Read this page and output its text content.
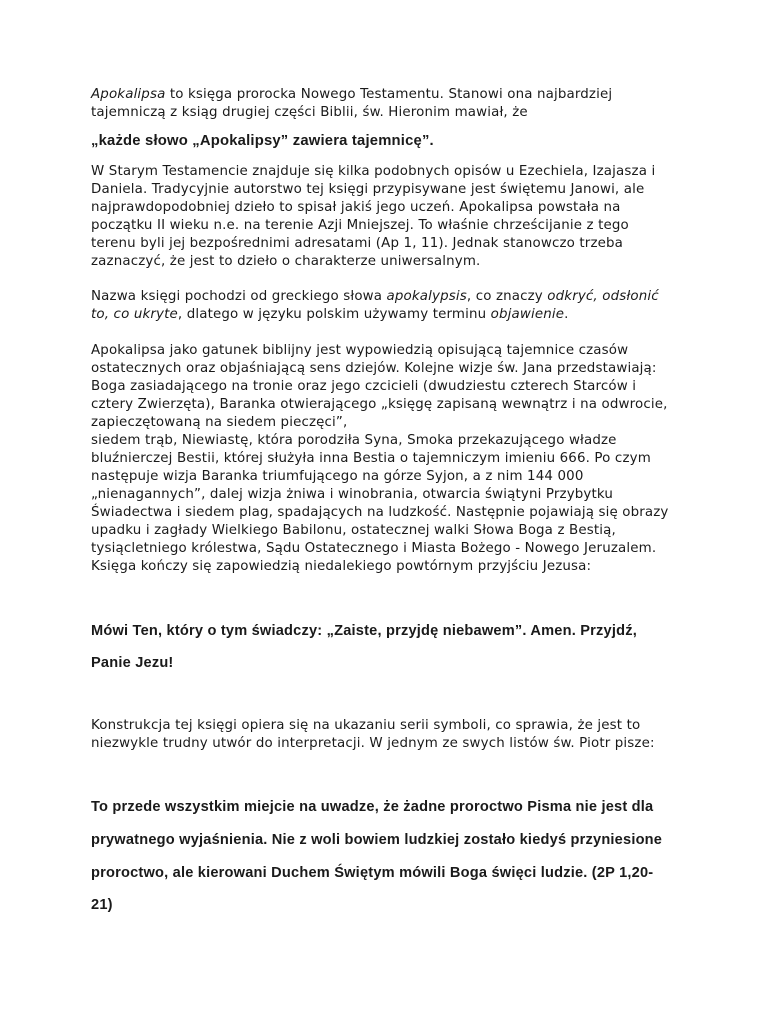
Apokalipsa to księga prorocka Nowego Testamentu. Stanowi ona najbardziej
tajemniczą z ksiąg drugiej części Biblii, św. Hieronim mawiał, że
„każde słowo „Apokalipsy” zawiera tajemnicę”.
W Starym Testamencie znajduje się kilka podobnych opisów u Ezechiela, Izajasza i
Daniela. Tradycyjnie autorstwo tej księgi przypisywane jest świętemu Janowi, ale
najprawdopodobniej dzieło to spisał jakiś jego uczeń. Apokalipsa powstała na
początku II wieku n.e. na terenie Azji Mniejszej. To właśnie chrześcijanie z tego
terenu byli jej bezpośrednimi adresatami (Ap 1, 11). Jednak stanowczo trzeba
zaznaczyć, że jest to dzieło o charakterze uniwersalnym.
Nazwa księgi pochodzi od greckiego słowa apokalypsis, co znaczy odkryć, odsłonić
to, co ukryte, dlatego w języku polskim używamy terminu objawienie.
Apokalipsa jako gatunek biblijny jest wypowiedzią opisującą tajemnice czasów
ostatecznych oraz objaśniającą sens dziejów. Kolejne wizje św. Jana przedstawiają:
Boga zasiadającego na tronie oraz jego czcicieli (dwudziestu czterech Starców i
cztery Zwierzęta), Baranka otwierającego „księgę zapisaną wewnątrz i na odwrocie,
zapieczętowaną na siedem pieczęci”,
siedem trąb, Niewiastę, która porodziła Syna, Smoka przekazującego władze
bluźnierczej Bestii, której służyła inna Bestia o tajemniczym imieniu 666. Po czym
następuje wizja Baranka triumfującego na górze Syjon, a z nim 144 000
„nienagannych”, dalej wizja żniwa i winobrania, otwarcia świątyni Przybytku
Świadectwa i siedem plag, spadających na ludzkość. Następnie pojawiają się obrazy
upadku i zagłady Wielkiego Babilonu, ostatecznej walki Słowa Boga z Bestią,
tysiącletniego królestwa, Sądu Ostatecznego i Miasta Bożego - Nowego Jeruzalem.
Księga kończy się zapowiedzią niedalekiego powtórnym przyjściu Jezusa:
Mówi Ten, który o tym świadczy: „Zaiste, przyjdę niebawem”. Amen. Przyjdź,
Panie Jezu!
Konstrukcja tej księgi opiera się na ukazaniu serii symboli, co sprawia, że jest to
niezwykle trudny utwór do interpretacji. W jednym ze swych listów św. Piotr pisze:
To przede wszystkim miejcie na uwadze, że żadne proroctwo Pisma nie jest dla
prywatnego wyjaśnienia. Nie z woli bowiem ludzkiej zostało kiedyś przyniesione
proroctwo, ale kierowani Duchem Świętym mówili Boga święci ludzie. (2P 1,20-
21)
